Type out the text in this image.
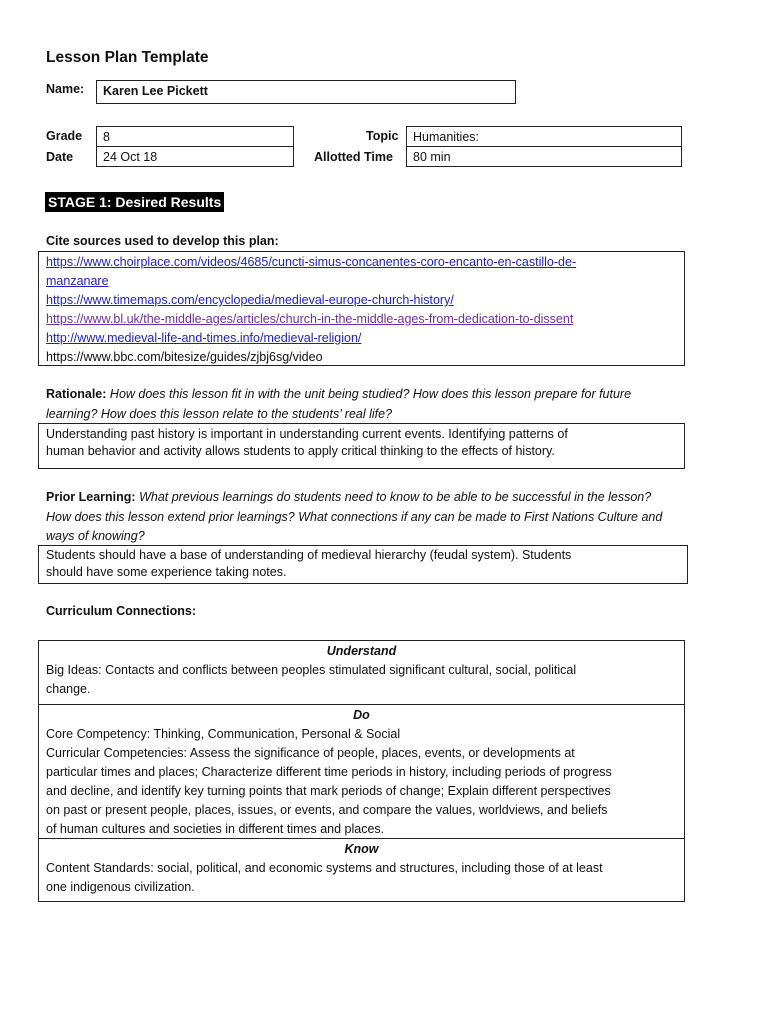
Lesson Plan Template
Name:	Karen Lee Pickett
Grade	8
Date	24 Oct 18
Topic	Humanities:
Allotted Time	80 min
STAGE 1: Desired Results
Cite sources used to develop this plan:
https://www.choirplace.com/videos/4685/cuncti-simus-concanentes-coro-encanto-en-castillo-de-
manzanare
https://www.timemaps.com/encyclopedia/medieval-europe-church-history/
https://www.bl.uk/the-middle-ages/articles/church-in-the-middle-ages-from-dedication-to-dissent
http://www.medieval-life-and-times.info/medieval-religion/
https://www.bbc.com/bitesize/guides/zjbj6sg/video
Rationale: How does this lesson fit in with the unit being studied? How does this lesson prepare for future
learning? How does this lesson relate to the students’ real life?
Understanding past history is important in understanding current events. Identifying patterns of
human behavior and activity allows students to apply critical thinking to the effects of history.
Prior Learning: What previous learnings do students need to know to be able to be successful in the lesson?
How does this lesson extend prior learnings? What connections if any can be made to First Nations Culture and
ways of knowing?
Students should have a base of understanding of medieval hierarchy (feudal system). Students
should have some experience taking notes.
Curriculum Connections:
Understand
Big Ideas: Contacts and conflicts between peoples stimulated significant cultural, social, political
change.
Do
Core Competency: Thinking, Communication, Personal & Social
Curricular Competencies: Assess the significance of people, places, events, or developments at
particular times and places; Characterize different time periods in history, including periods of progress
and decline, and identify key turning points that mark periods of change; Explain different perspectives
on past or present people, places, issues, or events, and compare the values, worldviews, and beliefs
of human cultures and societies in different times and places.
Know
Content Standards: social, political, and economic systems and structures, including those of at least
one indigenous civilization.
